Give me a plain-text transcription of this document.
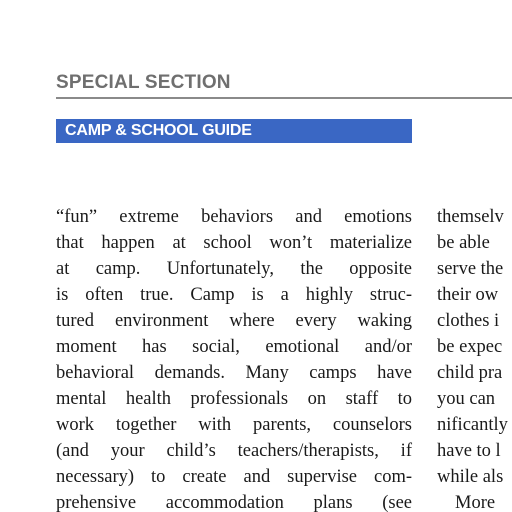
SPECIAL SECTION
CAMP & SCHOOL GUIDE
“fun” extreme behaviors and emotions
that happen at school won’t materialize
at camp. Unfortunately, the opposite
is often true. Camp is a highly struc-
tured environment where every waking
moment has social, emotional and/or
behavioral demands. Many camps have
mental health professionals on staff to
work together with parents, counselors
(and your child’s teachers/therapists, if
necessary) to create and supervise com-
prehensive accommodation plans (see
themselv
be able
serve the
their ow
clothes i
be expec
child pra
you can
nificantly
have to l
while als
More
